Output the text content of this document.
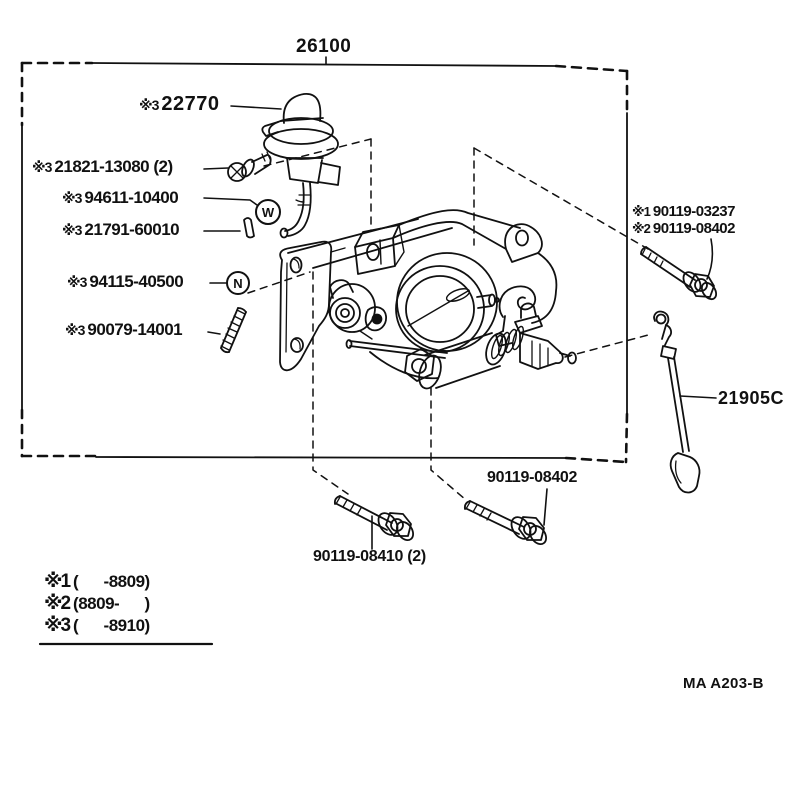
W
N
26100
※3 22770
※3 21821-13080 (2)
※3 94611-10400
※3 21791-60010
※3 94115-40500
※3 90079-14001
※1 90119-03237
※2 90119-08402
21905C
90119-08402
90119-08410 (2)
※1 (      -8809)
※2 (8809-      )
※3 (      -8910)
MA A203-B
